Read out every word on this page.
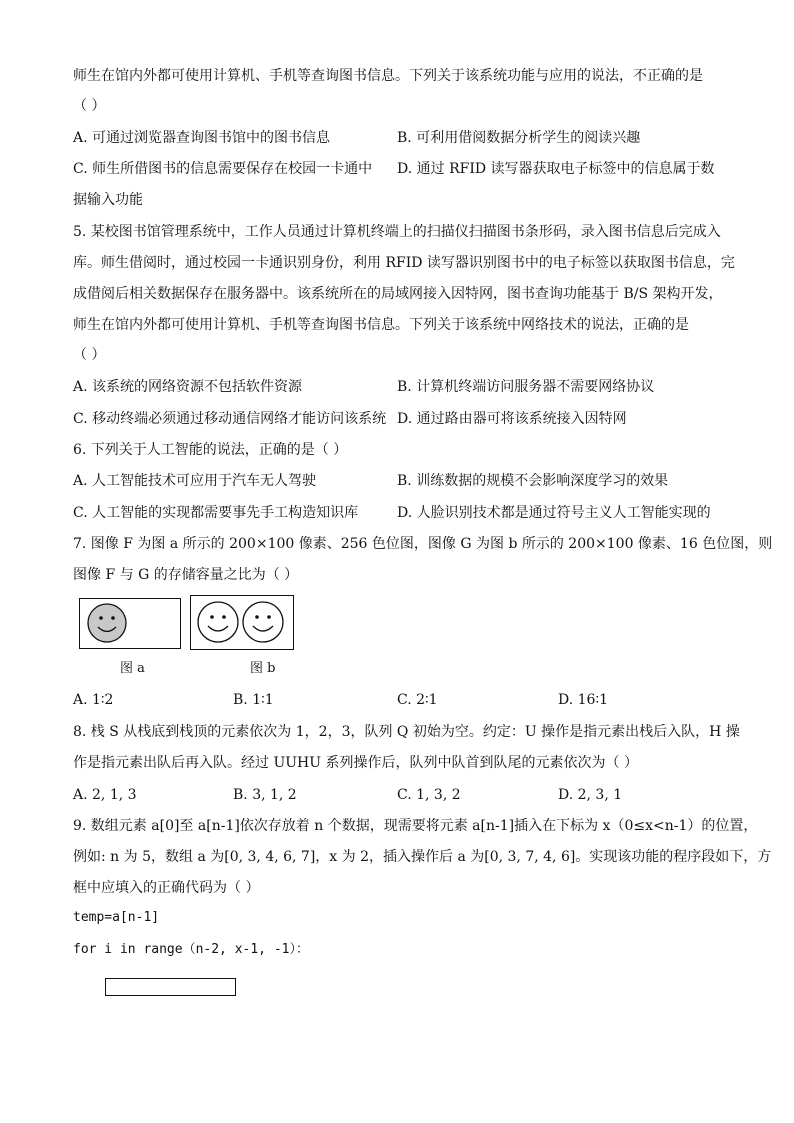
师生在馆内外都可使用计算机、手机等查询图书信息。下列关于该系统功能与应用的说法，不正确的是
（ ）
A. 可通过浏览器查询图书馆中的图书信息	B. 可利用借阅数据分析学生的阅读兴趣
C. 师生所借图书的信息需要保存在校园一卡通中 D. 通过 RFID 读写器获取电子标签中的信息属于数
据输入功能
5. 某校图书馆管理系统中，工作人员通过计算机终端上的扫描仪扫描图书条形码，录入图书信息后完成入
库。师生借阅时，通过校园一卡通识别身份，利用 RFID 读写器识别图书中的电子标签以获取图书信息，完
成借阅后相关数据保存在服务器中。该系统所在的局域网接入因特网，图书查询功能基于 B/S 架构开发，
师生在馆内外都可使用计算机、手机等查询图书信息。下列关于该系统中网络技术的说法，正确的是
（ ）
A. 该系统的网络资源不包括软件资源	B. 计算机终端访问服务器不需要网络协议
C. 移动终端必须通过移动通信网络才能访问该系统 D. 通过路由器可将该系统接入因特网
6. 下列关于人工智能的说法，正确的是（ ）
A. 人工智能技术可应用于汽车无人驾驶	B. 训练数据的规模不会影响深度学习的效果
C. 人工智能的实现都需要事先手工构造知识库	D. 人脸识别技术都是通过符号主义人工智能实现的
7. 图像 F 为图 a 所示的 200×100 像素、256 色位图，图像 G 为图 b 所示的 200×100 像素、16 色位图，则
图像 F 与 G 的存储容量之比为（ ）
图 a	图 b
A. 1∶2	B. 1∶1	C. 2∶1	D. 16∶1
8. 栈 S 从栈底到栈顶的元素依次为 1，2，3，队列 Q 初始为空。约定：U 操作是指元素出栈后入队，H 操
作是指元素出队后再入队。经过 UUHU 系列操作后，队列中队首到队尾的元素依次为（ ）
A. 2, 1, 3	B. 3, 1, 2	C. 1, 3, 2	D. 2, 3, 1
9. 数组元素 a[0]至 a[n-1]依次存放着 n 个数据，现需要将元素 a[n-1]插入在下标为 x（0≤x<n-1）的位置，
例如: n 为 5，数组 a 为[0, 3, 4, 6, 7]，x 为 2，插入操作后 a 为[0, 3, 7, 4, 6]。实现该功能的程序段如下，方
框中应填入的正确代码为（ ）
temp=a[n-1]
for i in range（n-2, x-1, -1）：
